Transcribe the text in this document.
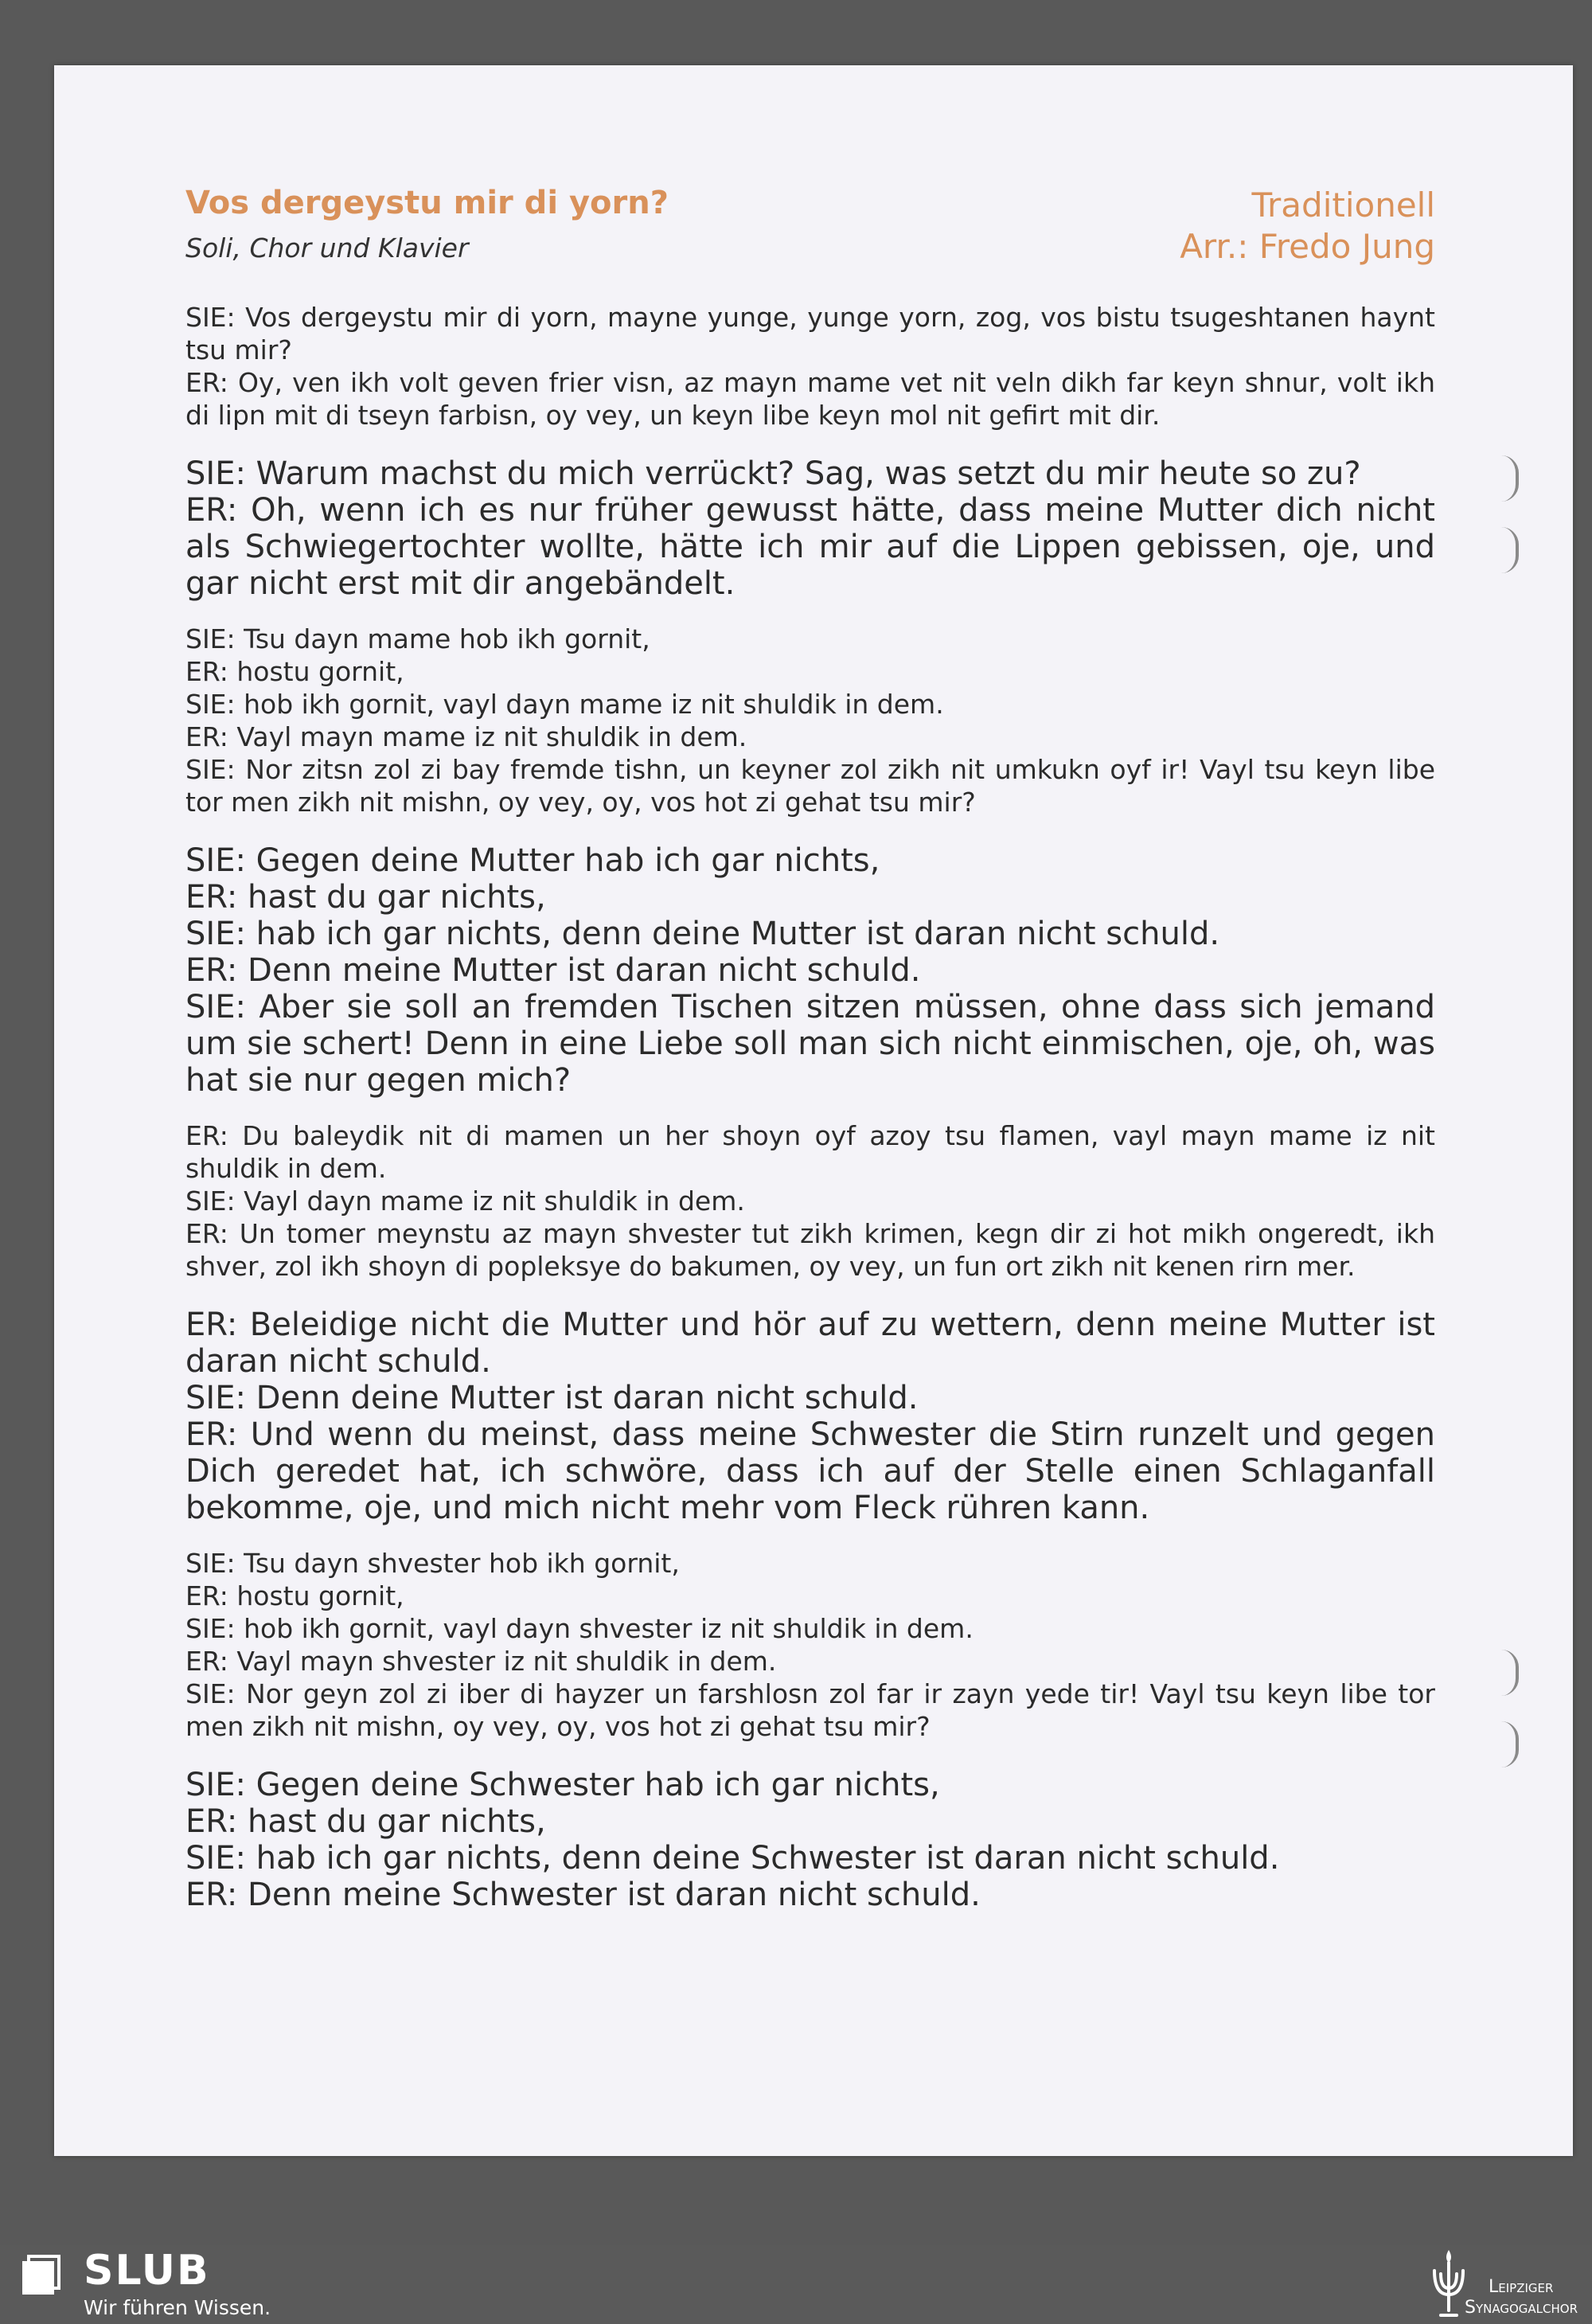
Vos dergeystu mir di yorn?
Soli, Chor und Klavier
Traditionell
Arr.: Fredo Jung

SIE: Vos dergeystu mir di yorn, mayne yunge, yunge yorn, zog, vos bistu tsugeshtanen haynt tsu mir?

ER: Oy, ven ikh volt geven frier visn, az mayn mame vet nit veln dikh far keyn shnur, volt ikh di lipn mit di tseyn farbisn, oy vey, un keyn libe keyn mol nit gefirt mit dir.

SIE: Warum machst du mich verrückt? Sag, was setzt du mir heute so zu?

ER: Oh, wenn ich es nur früher gewusst hätte, dass meine Mutter dich nicht als Schwiegertochter wollte, hätte ich mir auf die Lippen gebissen, oje, und gar nicht erst mit dir angebändelt.

SIE: Tsu dayn mame hob ikh gornit,

ER: hostu gornit,

SIE: hob ikh gornit, vayl dayn mame iz nit shuldik in dem.

ER: Vayl mayn mame iz nit shuldik in dem.

SIE: Nor zitsn zol zi bay fremde tishn, un keyner zol zikh nit umkukn oyf ir! Vayl tsu keyn libe tor men zikh nit mishn, oy vey, oy, vos hot zi gehat tsu mir?

SIE: Gegen deine Mutter hab ich gar nichts,

ER: hast du gar nichts,

SIE: hab ich gar nichts, denn deine Mutter ist daran nicht schuld.

ER: Denn meine Mutter ist daran nicht schuld.

SIE: Aber sie soll an fremden Tischen sitzen müssen, ohne dass sich jemand um sie schert! Denn in eine Liebe soll man sich nicht einmischen, oje, oh, was hat sie nur gegen mich?

ER: Du baleydik nit di mamen un her shoyn oyf azoy tsu flamen, vayl mayn mame iz nit shuldik in dem.

SIE: Vayl dayn mame iz nit shuldik in dem.

ER: Un tomer meynstu az mayn shvester tut zikh krimen, kegn dir zi hot mikh ongeredt, ikh shver, zol ikh shoyn di popleksye do bakumen, oy vey, un fun ort zikh nit kenen rirn mer.

ER: Beleidige nicht die Mutter und hör auf zu wettern, denn meine Mutter ist daran nicht schuld.

SIE: Denn deine Mutter ist daran nicht schuld.

ER: Und wenn du meinst, dass meine Schwester die Stirn runzelt und gegen Dich geredet hat, ich schwöre, dass ich auf der Stelle einen Schlaganfall bekomme, oje, und mich nicht mehr vom Fleck rühren kann.

SIE: Tsu dayn shvester hob ikh gornit,

ER: hostu gornit,

SIE: hob ikh gornit, vayl dayn shvester iz nit shuldik in dem.

ER: Vayl mayn shvester iz nit shuldik in dem.

SIE: Nor geyn zol zi iber di hayzer un farshlosn zol far ir zayn yede tir! Vayl tsu keyn libe tor men zikh nit mishn, oy vey, oy, vos hot zi gehat tsu mir?

SIE: Gegen deine Schwester hab ich gar nichts,

ER: hast du gar nichts,

SIE: hab ich gar nichts, denn deine Schwester ist daran nicht schuld.

ER: Denn meine Schwester ist daran nicht schuld.

SLUB
Wir führen Wissen.
Leipziger
Synagogalchor
